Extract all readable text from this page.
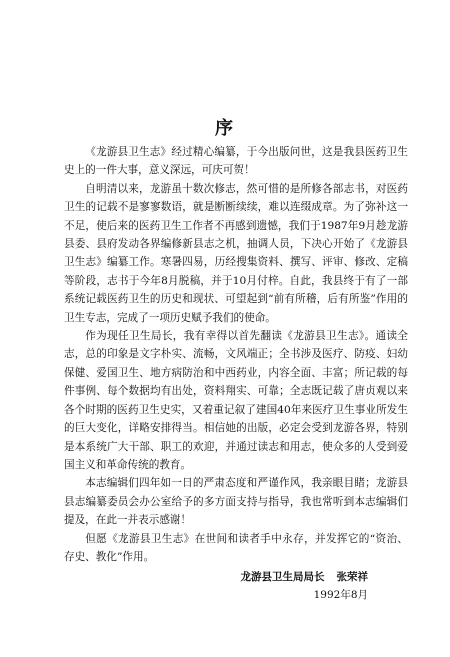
序

《龙游县卫生志》经过精心编纂，于今出版问世，这是我县医药卫生史上的一件大事，意义深远，可庆可贺！

自明清以来，龙游虽十数次修志，然可惜的是所修各部志书，对医药卫生的记载不是寥寥数语，就是断断续续，难以连缀成章。为了弥补这一不足，使后来的医药卫生工作者不再感到遗憾，我们于1987年9月趁龙游县委、县府发动各界编修新县志之机，抽调人员，下决心开始了《龙游县卫生志》编纂工作。寒暑四易，历经搜集资料、撰写、评审、修改、定稿等阶段，志书于今年8月脱稿，并于10月付梓。自此，我县终于有了一部系统记载医药卫生的历史和现状、可望起到“前有所稽，后有所鉴”作用的卫生专志，完成了一项历史赋予我们的使命。

作为现任卫生局长，我有幸得以首先翻读《龙游县卫生志》。通读全志，总的印象是文字朴实、流畅，文风端正；全书涉及医疗、防疫、妇幼保健、爱国卫生、地方病防治和中西药业，内容全面、丰富；所记载的每件事例、每个数据均有出处，资料翔实、可靠；全志既记载了唐贞观以来各个时期的医药卫生史实，又着重记叙了建国40年来医疗卫生事业所发生的巨大变化，详略安排得当。相信她的出版，必定会受到龙游各界，特别是本系统广大干部、职工的欢迎，并通过读志和用志，使众多的人受到爱国主义和革命传统的教育。

本志编辑们四年如一日的严肃态度和严谨作风，我亲眼目睹；龙游县县志编纂委员会办公室给予的多方面支持与指导，我也常听到本志编辑们提及，在此一并表示感谢！

但愿《龙游县卫生志》在世间和读者手中永存，并发挥它的“资治、存史、教化”作用。

龙游县卫生局局长 张荣祥
1992年8月
